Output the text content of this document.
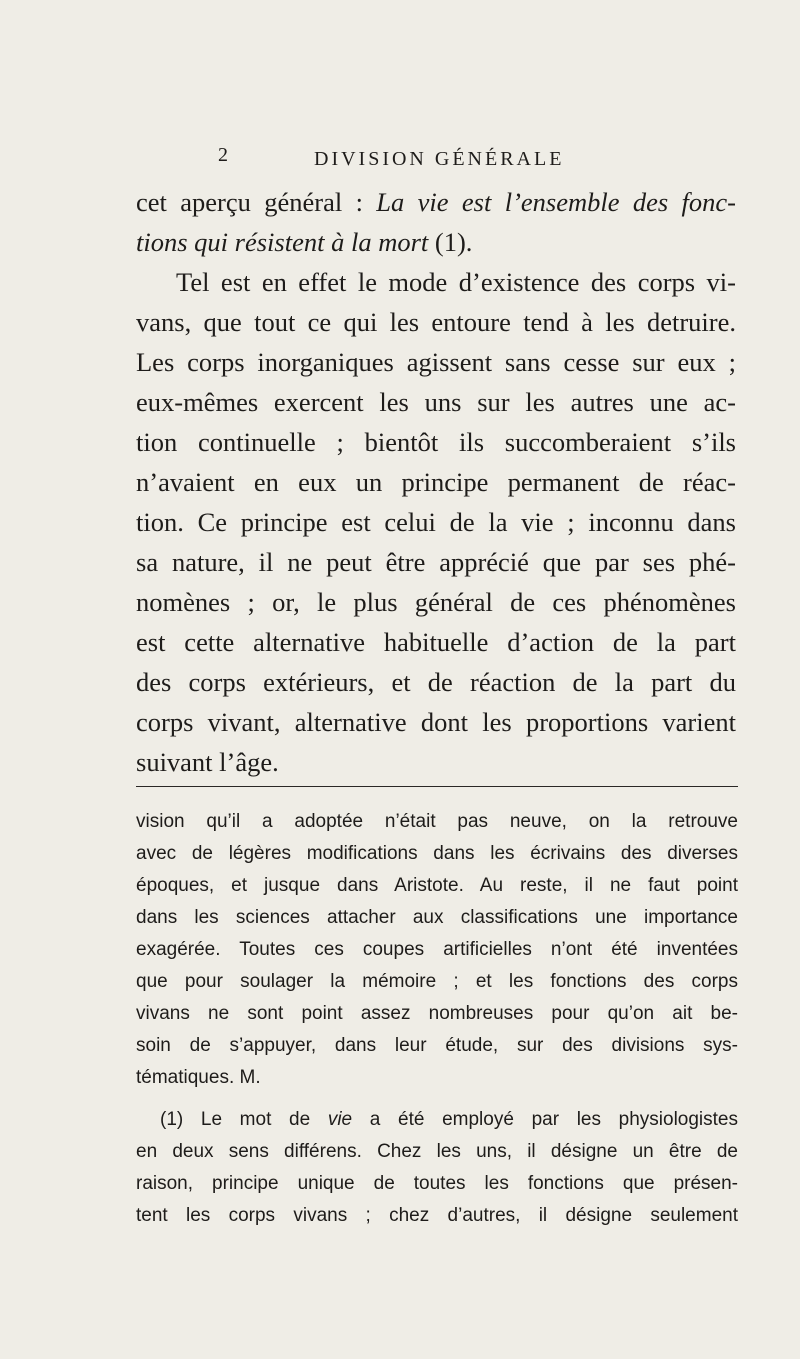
2	DIVISION GÉNÉRALE
cet aperçu général : La vie est l’ensemble des fonc-
tions qui résistent à la mort (1).
Tel est en effet le mode d’existence des corps vi-
vans, que tout ce qui les entoure tend à les detruire.
Les corps inorganiques agissent sans cesse sur eux ;
eux-mêmes exercent les uns sur les autres une ac-
tion continuelle ; bientôt ils succomberaient s’ils
n’avaient en eux un principe permanent de réac-
tion. Ce principe est celui de la vie ; inconnu dans
sa nature, il ne peut être apprécié que par ses phé-
nomènes ; or, le plus général de ces phénomènes
est cette alternative habituelle d’action de la part
des corps extérieurs, et de réaction de la part du
corps vivant, alternative dont les proportions varient
suivant l’âge.
vision qu’il a adoptée n’était pas neuve, on la retrouve
avec de légères modifications dans les écrivains des diverses
époques, et jusque dans Aristote. Au reste, il ne faut point
dans les sciences attacher aux classifications une importance
exagérée. Toutes ces coupes artificielles n’ont été inventées
que pour soulager la mémoire ; et les fonctions des corps
vivans ne sont point assez nombreuses pour qu’on ait be-
soin de s’appuyer, dans leur étude, sur des divisions sys-
tématiques. M.
(1) Le mot de vie a été employé par les physiologistes
en deux sens différens. Chez les uns, il désigne un être de
raison, principe unique de toutes les fonctions que présen-
tent les corps vivans ; chez d’autres, il désigne seulement
